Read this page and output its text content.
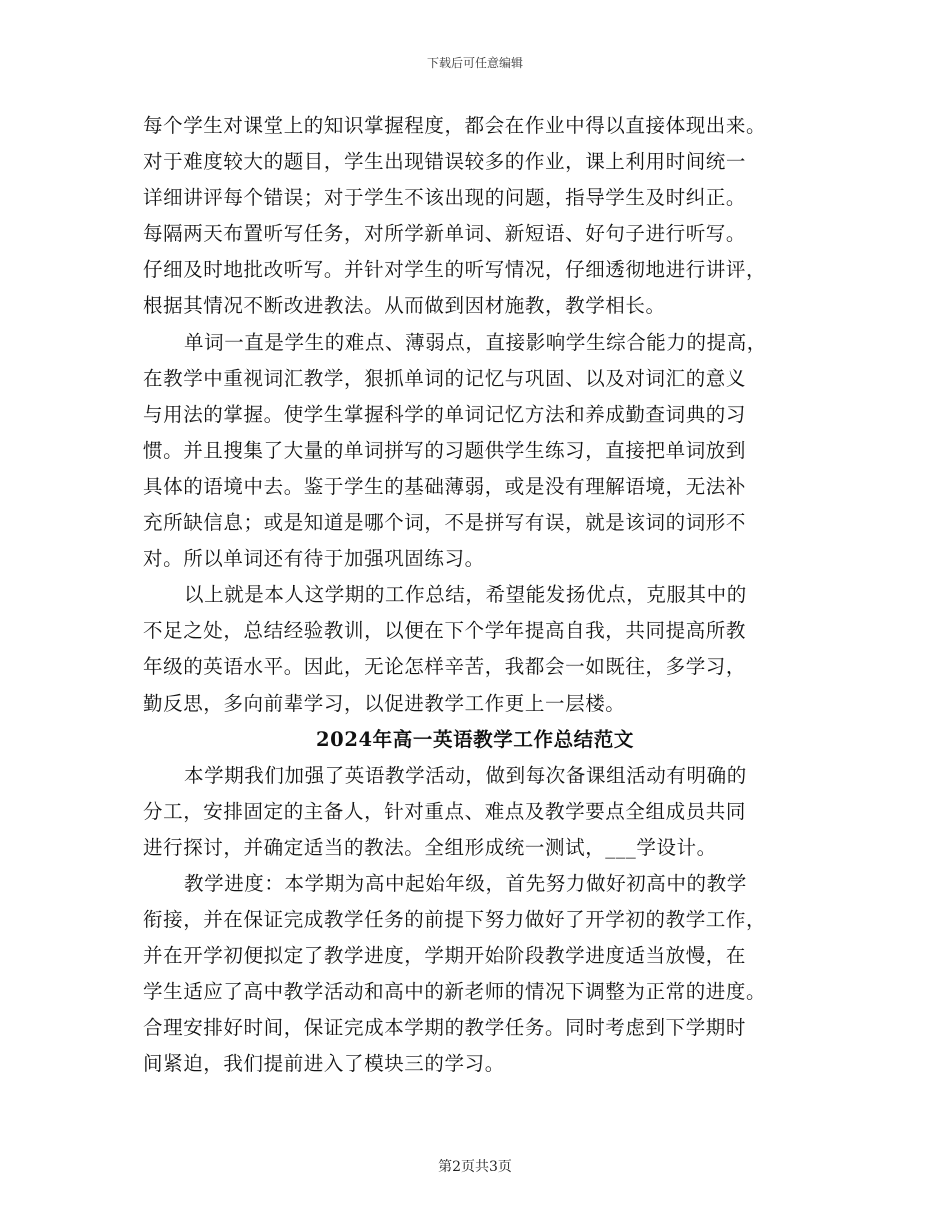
下载后可任意编辑

每个学生对课堂上的知识掌握程度，都会在作业中得以直接体现出来。
对于难度较大的题目，学生出现错误较多的作业，课上利用时间统一
详细讲评每个错误；对于学生不该出现的问题，指导学生及时纠正。
每隔两天布置听写任务，对所学新单词、新短语、好句子进行听写。
仔细及时地批改听写。并针对学生的听写情况，仔细透彻地进行讲评，
根据其情况不断改进教法。从而做到因材施教，教学相长。

单词一直是学生的难点、薄弱点，直接影响学生综合能力的提高，
在教学中重视词汇教学，狠抓单词的记忆与巩固、以及对词汇的意义
与用法的掌握。使学生掌握科学的单词记忆方法和养成勤查词典的习
惯。并且搜集了大量的单词拼写的习题供学生练习，直接把单词放到
具体的语境中去。鉴于学生的基础薄弱，或是没有理解语境，无法补
充所缺信息；或是知道是哪个词，不是拼写有误，就是该词的词形不
对。所以单词还有待于加强巩固练习。

以上就是本人这学期的工作总结，希望能发扬优点，克服其中的
不足之处，总结经验教训，以便在下个学年提高自我，共同提高所教
年级的英语水平。因此，无论怎样辛苦，我都会一如既往，多学习，
勤反思，多向前辈学习，以促进教学工作更上一层楼。

2024年高一英语教学工作总结范文

本学期我们加强了英语教学活动，做到每次备课组活动有明确的
分工，安排固定的主备人，针对重点、难点及教学要点全组成员共同
进行探讨，并确定适当的教法。全组形成统一测试，___学设计。

教学进度：本学期为高中起始年级，首先努力做好初高中的教学
衔接，并在保证完成教学任务的前提下努力做好了开学初的教学工作，
并在开学初便拟定了教学进度，学期开始阶段教学进度适当放慢，在
学生适应了高中教学活动和高中的新老师的情况下调整为正常的进度。
合理安排好时间，保证完成本学期的教学任务。同时考虑到下学期时
间紧迫，我们提前进入了模块三的学习。

第2页共3页
